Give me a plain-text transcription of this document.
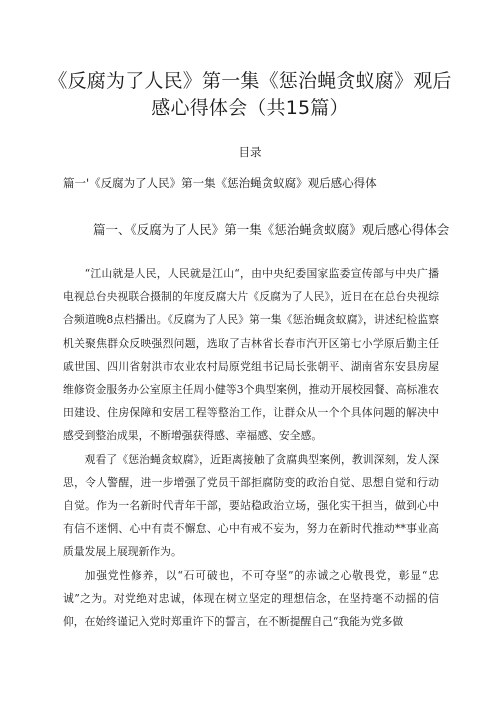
《反腐为了人民》第一集《惩治蝇贪蚁腐》观后感心得体会（共15篇）
目录
篇一'《反腐为了人民》第一集《惩治蝇贪蚁腐》观后感心得体
篇一、《反腐为了人民》第一集《惩治蝇贪蚁腐》观后感心得体会

“江山就是人民，人民就是江山“，由中央纪委国家监委宣传部与中央广播电视总台央视联合摄制的年度反腐大片《反腐为了人民》，近日在在总台央视综合频道晚8点档播出。《反腐为了人民》第一集《惩治蝇贪蚁腐》，讲述纪检监察机关聚焦群众反映强烈问题，选取了吉林省长春市汽开区第七小学原后勤主任戚世国、四川省射洪市农业农村局原党组书记局长张朝平、湖南省东安县房屋维修资金服务办公室原主任周小健等3个典型案例，推动开展校园餐、高标准农田建设、住房保障和安居工程等整治工作，让群众从一个个具体问题的解决中感受到整治成果，不断增强获得感、幸福感、安全感。

观看了《惩治蝇贪蚁腐》，近距离接触了贪腐典型案例，教训深刻，发人深思，令人警醒，进一步增强了党员干部拒腐防变的政治自觉、思想自觉和行动自觉。作为一名新时代青年干部，要站稳政治立场，强化实干担当，做到心中有信不迷惘、心中有责不懈怠、心中有戒不妄为，努力在新时代推动**事业高质量发展上展现新作为。

加强党性修养，以“石可破也，不可夺坚”的赤诚之心敬畏党，彰显“忠诚”之为。对党绝对忠诚，体现在树立坚定的理想信念，在坚持毫不动摇的信仰，在始终谨记入党时郑重许下的誓言，在不断提醒自己“我能为党多做
